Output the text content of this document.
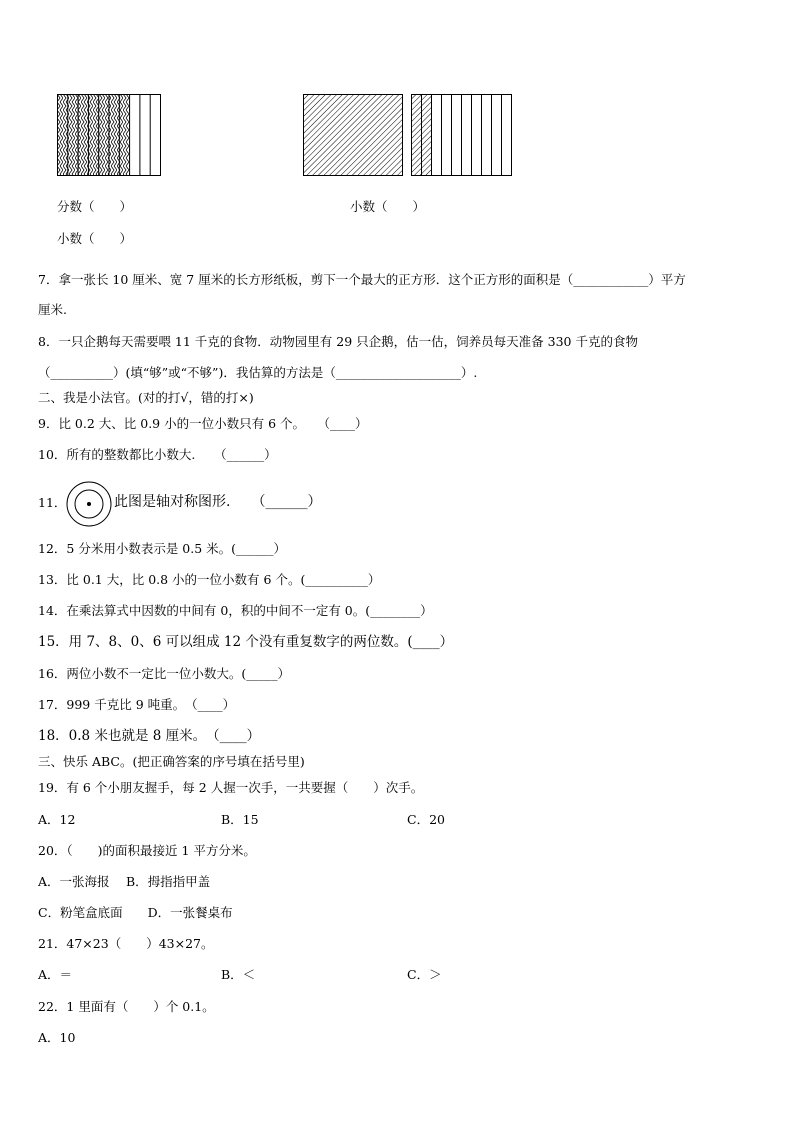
分数（　　）	小数（　　）
小数（　　）
7．拿一张长 10 厘米、宽 7 厘米的长方形纸板，剪下一个最大的正方形．这个正方形的面积是（____________）平方
厘米.
8．一只企鹅每天需要喂 11 千克的食物．动物园里有 29 只企鹅，估一估，饲养员每天准备 330 千克的食物
（__________）(填“够”或“不够”)．我估算的方法是（____________________）.
二、我是小法官。(对的打√，错的打×)
9．比 0.2 大、比 0.9 小的一位小数只有 6 个。　　（____）
10．所有的整数都比小数大.　　（______）
11．	此图是轴对称图形.　　（______）
12．5 分米用小数表示是 0.5 米。(______）
13．比 0.1 大，比 0.8 小的一位小数有 6 个。(__________）
14．在乘法算式中因数的中间有 0，积的中间不一定有 0。(________）
15．用 7、8、0、6 可以组成 12 个没有重复数字的两位数。(____）
16．两位小数不一定比一位小数大。(_____）
17．999 千克比 9 吨重。　（____）
18．0.8 米也就是 8 厘米。　（____）
三、快乐 ABC。(把正确答案的序号填在括号里)
19．有 6 个小朋友握手，每 2 人握一次手，一共要握（　　）次手。
A．12	B．15	C．20
20．（　　)的面积最接近 1 平方分米。
A．一张海报　 B．拇指指甲盖
C．粉笔盒底面　　D．一张餐桌布
21．47×23（　　）43×27。
A．＝	B．＜	C．＞
22．1 里面有（　　）个 0.1。
A．10
